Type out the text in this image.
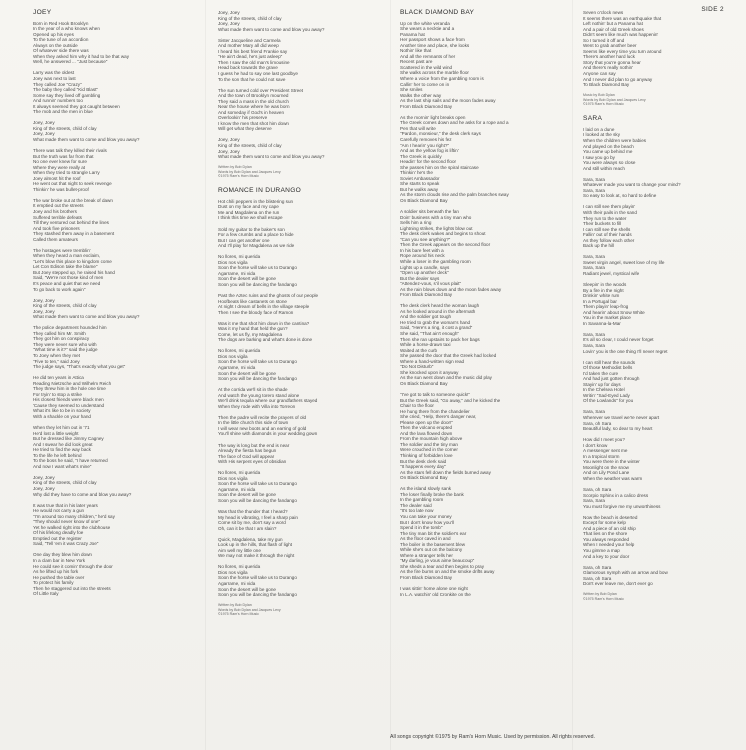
SIDE 2
JOEY
Born in Red Hook Brooklyn
In the year of a who knows when
Opened up his eyes
To the tune of an accordion
Always on the outside
Of whatever side there was
When they asked him why it had to be that way
Well, he answered ... "Just because"
Larry was the oldest
Joey was next to last
They called Joe "Crazy"
The baby they called "Kid Blast"
Some say they lived off gambling
And runnin' numbers too
It always seemed they got caught between
The mob and the men in blue
Joey, Joey
King of the streets, child of clay
Joey, Joey
What made them want to come and blow you away?
There was talk they killed their rivals
But the truth was far from that
No one ever knew for sure
Where they were really at
When they tried to strangle Larry
Joey almost hit the roof
He went out that night to seek revenge
Thinkin' he was bullet-proof
The war broke out at the break of dawn
It emptied out the streets
Joey and his brothers
Suffered terrible defeats
Till they ventured out behind the lines
And took five prisoners
They stashed them away in a basement
Called them amateurs
The hostages were tremblin'
When they heard a man exclaim,
"Let's blow this place to kingdom come
Let Con Edison take the blame"
But Joey stepped up, he raised his hand
Said, "We're not those kind of men
It's peace and quiet that we need
To go back to work again"
Joey, Joey
King of the streets, child of clay
Joey, Joey
What made them want to come and blow you away?
The police department hounded him
They called him Mr. Smith
They got him on conspiracy
They were never sure who with
"What time is it?" said the judge
To Joey when they met
"Five to ten," said Joey
The judge says, "That's exactly what you get"
He did ten years in Attica
Reading Nietzsche and Wilhelm Reich
They threw him in the hole one time
For tryin' to stop a strike
His closest friends were black men
'Cause they seemed to understand
What it's like to be in society
With a shackle on your hand
When they let him out in '71
He'd lost a little weight
But he dressed like Jimmy Cagney
And I swear he did look great
He tried to find the way back
To the life he left behind
To the boss he said, "I have returned
And now I want what's mine"
Joey, Joey
King of the streets, child of clay
Joey, Joey
Why did they have to come and blow you away?
It was true that in his later years
He would not carry a gun
"I'm around too many children," he'd say
"They should never know of one"
Yet he walked right into the clubhouse
Of his lifelong deadly foe
Emptied out the register
Said, "Tell 'em it was Crazy Joe"
One day they blew him down
In a clam bar in New York
He could see it comin' through the door
As he lifted up his fork
He pushed the table over
To protect his family
Then he staggered out into the streets
Of Little Italy
Joey, Joey
King of the streets, child of clay
Joey, Joey
What made them want to come and blow you away?
Sister Jacqueline and Carmela
And mother Mary all did weep
I heard his best friend Frankie say
"He ain't dead, he's just asleep"
Then I saw the old man's limousine
Head back towards the grave
I guess he had to say one last goodbye
To the son that he could not save
The sun turned cold over President Street
And the town of Brooklyn mourned
They said a mass in the old church
Near the house where he was born
And someday if God's in heaven
Overlookin' his preserve
I know the men that shot him down
Will get what they deserve
Joey, Joey
King of the streets, child of clay
Joey, Joey
What made them want to come and blow you away?
Written by Bob Dylan
Words by Bob Dylan and Jacques Levy
©1975 Ram's Horn Music
ROMANCE IN DURANGO
Hot chili peppers in the blistering sun
Dust on my face and my cape
Me and Magdalena on the run
I think this time we shall escape
Sold my guitar to the baker's son
For a few crumbs and a place to hide
But I can get another one
And I'll play for Magdalena as we ride
No llores, mi querida
Dios nos vigila
Soon the horse will take us to Durango
Agarrame, mi vida
Soon the desert will be gone
Soon you will be dancing the fandango
Past the Aztec ruins and the ghosts of our people
Hoofbeats like castanets on stone
At night I dream of bells in the village steeple
Then I see the bloody face of Ramon
Was it me that shot him down in the cantina?
Was it my hand that held the gun?
Come, let us fly, my Magdalena
The dogs are barking and what's done is done
No llores, mi querida
Dios nos vigila
Soon the horse will take us to Durango
Agarrame, mi vida
Soon the desert will be gone
Soon you will be dancing the fandango
At the corrida we'll sit in the shade
And watch the young torero stand alone
We'll drink tequila where our grandfathers stayed
When they rode with Villa into Torreon
Then the padre will recite the prayers of old
In the little church this side of town
I will wear new boots and an earring of gold
You'll shine with diamonds in your wedding gown
The way is long but the end is near
Already the fiesta has begun
The face of God will appear
With His serpent eyes of obsidian
No llores, mi querida
Dios nos vigila
Soon the horse will take us to Durango
Agarrame, mi vida
Soon the desert will be gone
Soon you will be dancing the fandango
Was that the thunder that I heard?
My head is vibrating, I feel a sharp pain
Come sit by me, don't say a word
Oh, can it be that I am slain?
Quick, Magdalena, take my gun
Look up in the hills, that flash of light
Aim well my little one
We may not make it through the night
No llores, mi querida
Dios nos vigila
Soon the horse will take us to Durango
Agarrame, mi vida
Soon the desert will be gone
Soon you will be dancing the fandango
Written by Bob Dylan
Words by Bob Dylan and Jacques Levy
©1975 Ram's Horn Music
BLACK DIAMOND BAY
Up on the white veranda
She wears a necktie and a
Panama hat
Her passport shows a face from
Another time and place, she looks
Nothin' like that
And all the remnants of her
Recent past are
Scattered in the wild wind
She walks across the marble floor
Where a voice from the gambling room is
Callin' her to come on in
She smiles
Walks the other way
As the last ship sails and the moon fades away
From Black Diamond Bay
As the mornin' light breaks open
The Greek comes down and he asks for a rope and a
Pen that will write
"Pardon, monsieur," the desk clerk says
Carefully removes his fez
"Am I hearin' you right?"
And as the yellow fog is liftin'
The Greek is quickly
Headin' for the second floor
She passes him on the spiral staircase
Thinkin' he's the
Soviet Ambassador
She starts to speak
But he walks away
As the storm clouds rise and the palm branches sway
On Black Diamond Bay
A soldier sits beneath the fan
Doin' business with a tiny man who
Sells him a ring
Lightning strikes, the lights blow out
The desk clerk wakes and begins to shout
"Can you see anything?"
Then the Greek appears on the second floor
In his bare feet with a
Rope around his neck
While a loser in the gambling room
Lights up a candle, says
"Open up another deck"
But the dealer says
"Attendez-vous, s'il vous plait"
As the rain blows down and the moon fades away
From Black Diamond Bay
The desk clerk heard the woman laugh
As he looked around in the aftermath
And the soldier got tough
He tried to grab the woman's hand
Said, "Here's a ring, it cost a grand"
She said, "That ain't enough"
Then she ran upstairs to pack her bags
While a horse-drawn taxi
Waited at the curb
She passed the door that the Greek had locked
Where a hand-written sign read
"Do Not Disturb"
She knocked upon it anyway
As the sun went down and the music did play
On Black Diamond Bay
"I've got to talk to someone quick!"
But the Greek said, "Go away," and he kicked the
Chair to the floor
He hung there from the chandelier
She cried, "Help, there's danger near,
Please open up the door!"
Then the volcano erupted
And the lava flowed down
From the mountain high above
The soldier and the tiny man
Were crouched in the corner
Thinking of forbidden love
But the desk clerk said
"It happens every day"
As the stars fell down the fields burned away
On Black Diamond Bay
As the island slowly sank
The loser finally broke the bank
In the gambling room
The dealer said
"It's too late now
You can take your money
But I don't know how you'll
Spend it in the tomb"
The tiny man bit the soldier's ear
As the floor caved in and
The boiler in the basement blew
While she's out on the balcony
Where a stranger tells her
"My darling, je vous aime beaucoup"
She sheds a tear and then begins to pray
As the fire burns on and the smoke drifts away
From Black Diamond Bay
I was sittin' home alone one night
In L.A. watchin' old Cronkite on the
Seven o'clock news
It seems there was an earthquake that
Left nothin' but a Panama hat
And a pair of old Greek shoes
Didn't seem like much was happenin'
So I turned it off and
Went to grab another beer
Seems like every time you turn around
There's another hard luck
Story that you're gonna hear
And there's really nothin'
Anyone can say
And I never did plan to go anyway
To Black Diamond Bay
Music by Bob Dylan
Words by Bob Dylan and Jacques Levy
©1975 Ram's Horn Music
SARA
I laid on a dune
I looked at the sky
When the children were babies
And played on the beach
You came up behind me
I saw you go by
You were always so close
And still within reach
Sara, Sara
Whatever made you want to change your mind?
Sara, Sara
So easy to look at, so hard to define
I can still see them playin'
With their pails in the sand
They run to the water
Their buckets to fill
I can still see the shells
Fallin' out of their hands
As they follow each other
Back up the hill
Sara, Sara
Sweet virgin angel, sweet love of my life
Sara, Sara
Radiant jewel, mystical wife
Sleepin' in the woods
By a fire in the night
Drinkin' white rum
In a Portugal bar
Them playin' leap-frog
And hearin' about Snow White
You in the market place
In Savanna-la-Mar
Sara, Sara
It's all so clear, I could never forget
Sara, Sara
Lovin' you is the one thing I'll never regret
I can still hear the sounds
Of those Methodist bells
I'd taken the cure
And had just gotten through
Stayin' up for days
In the Chelsea Hotel
Writin' "Sad-Eyed Lady
Of the Lowlands" for you
Sara, Sara
Wherever we travel we're never apart
Sara, oh Sara
Beautiful lady, so dear to my heart
How did I meet you?
I don't know
A messenger sent me
In a tropical storm
You were there in the winter
Moonlight on the snow
And on Lily Pond Lane
When the weather was warm
Sara, oh Sara
Scorpio Sphinx in a calico dress
Sara, Sara
You must forgive me my unworthiness
Now the beach is deserted
Except for some kelp
And a piece of an old ship
That lies on the shore
You always responded
When I needed your help
You gimme a map
And a key to your door
Sara, oh Sara
Glamorous nymph with an arrow and bow
Sara, oh Sara
Don't ever leave me, don't ever go
Written by Bob Dylan
©1975 Ram's Horn Music
All songs copyright ©1975 by Ram's Horn Music. Used by permission. All rights reserved.
